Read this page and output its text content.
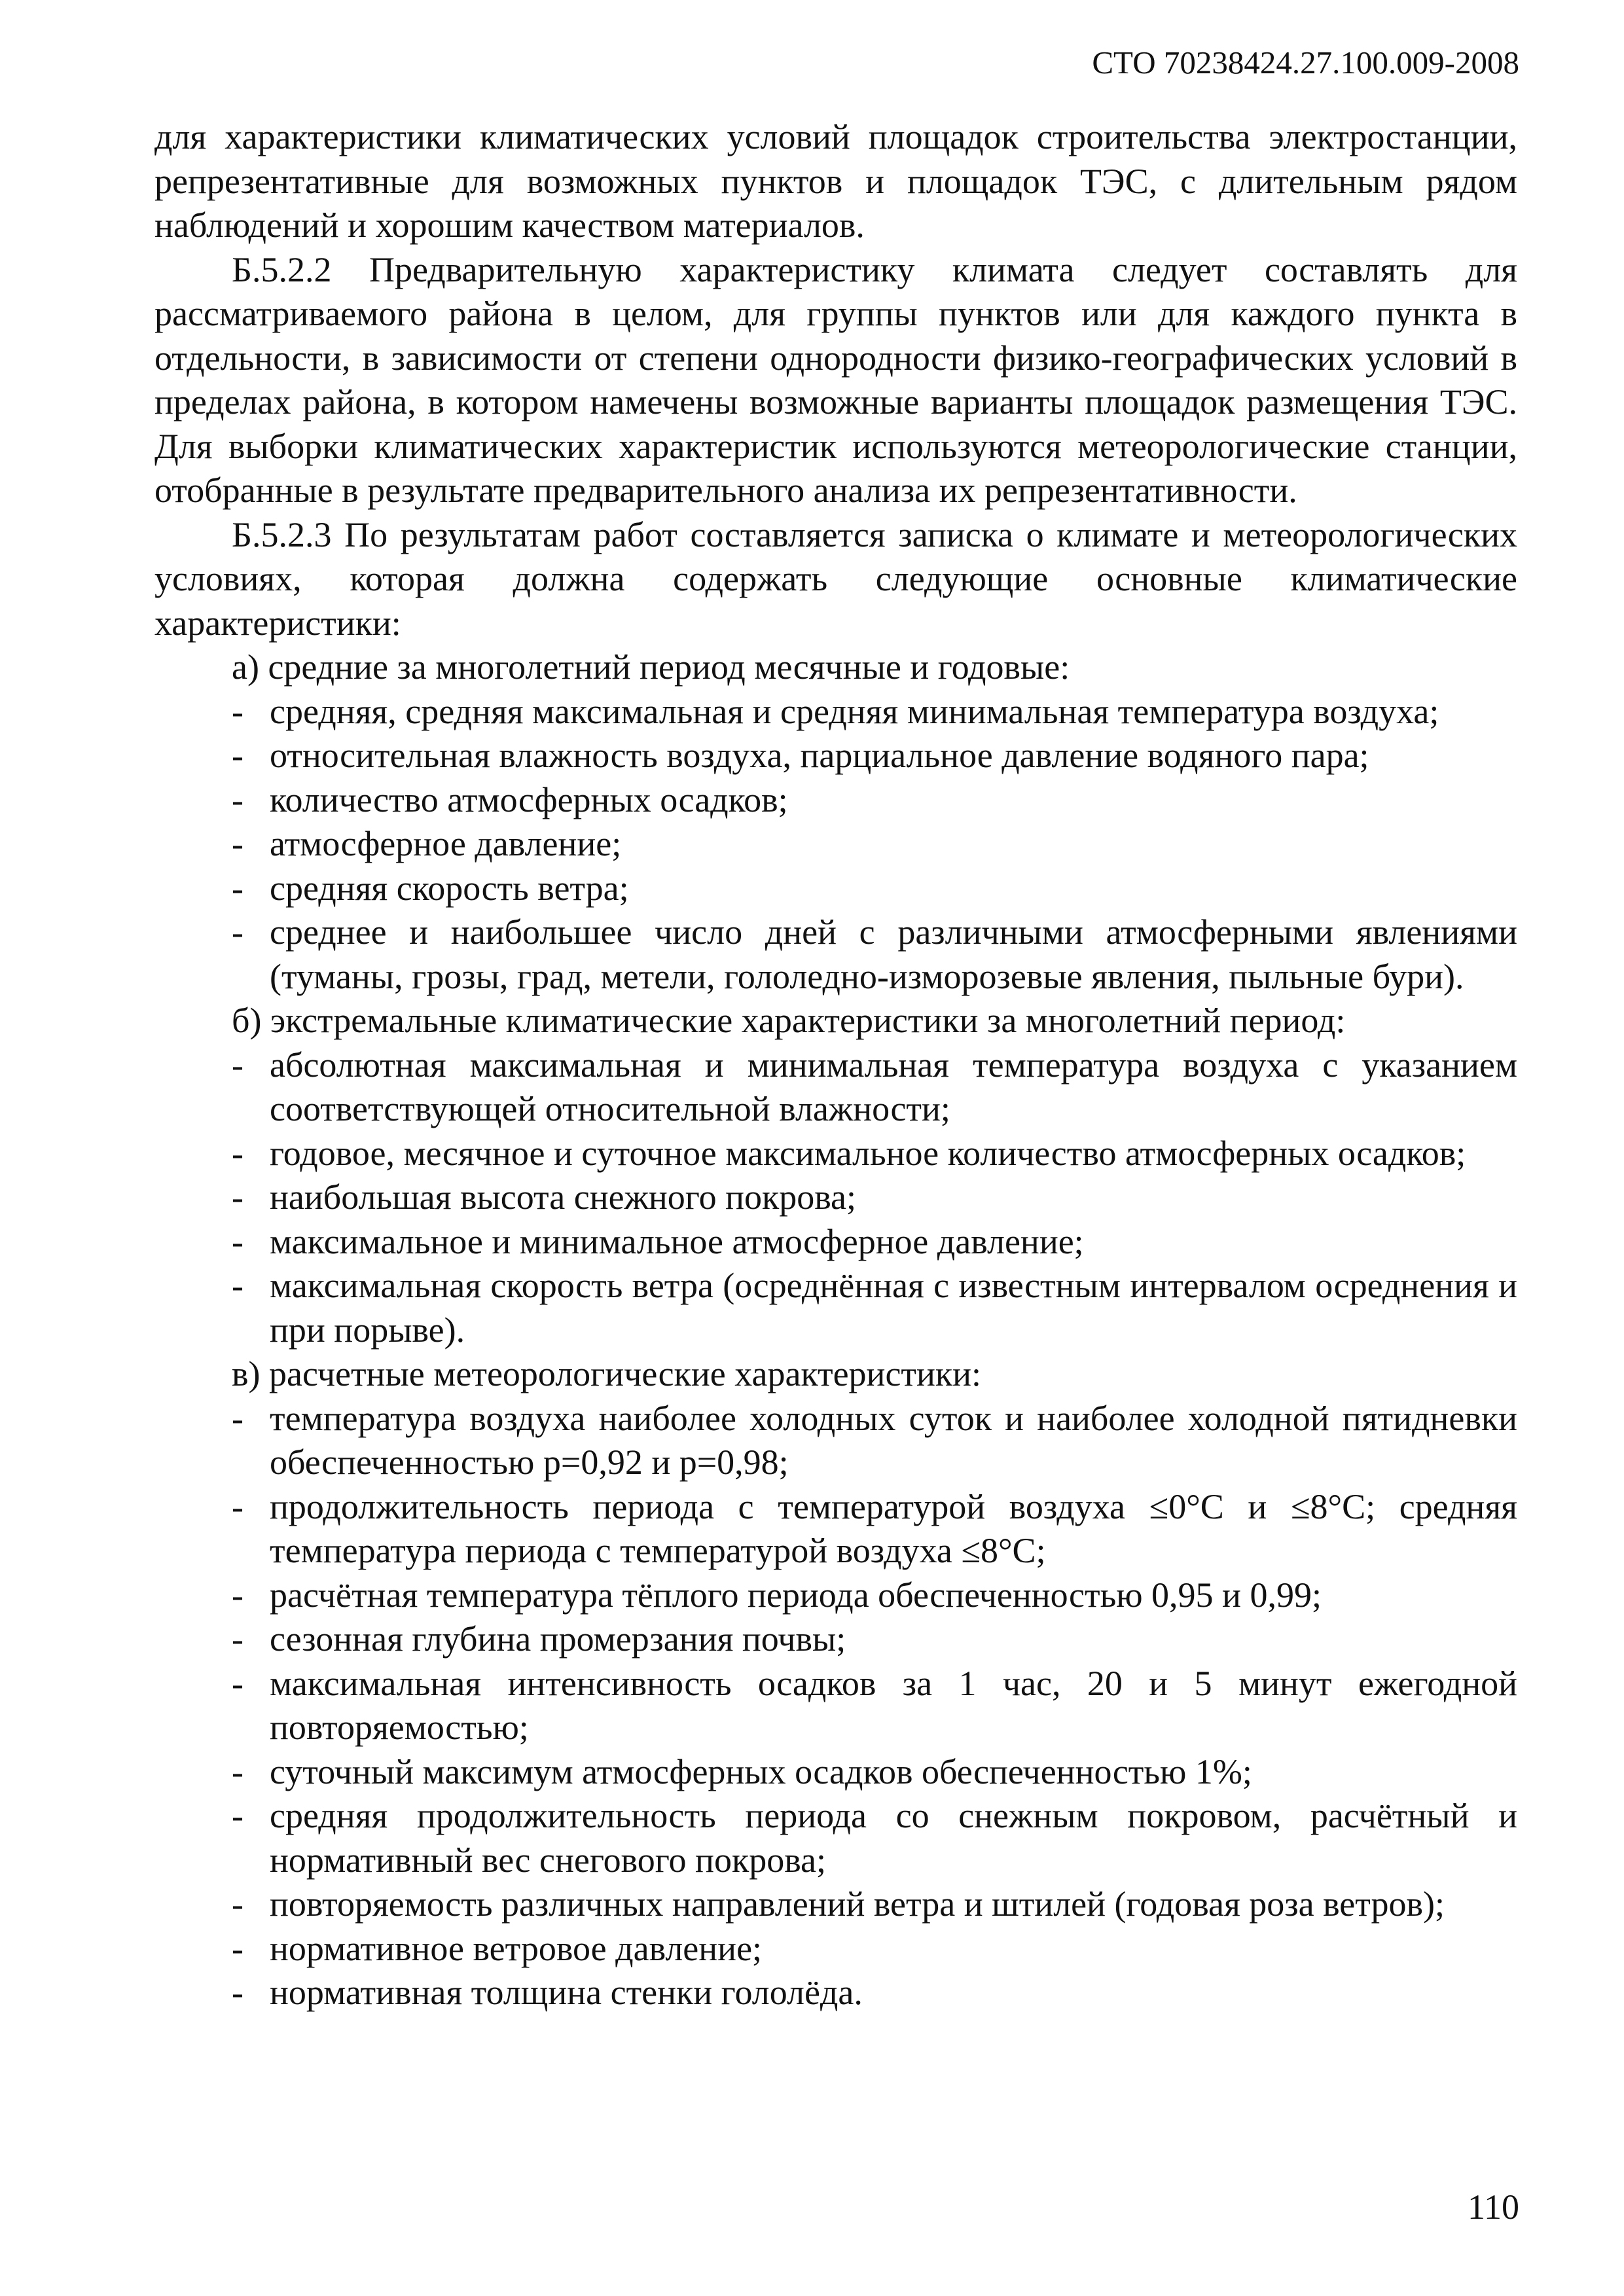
СТО 70238424.27.100.009-2008

для характеристики климатических условий площадок строительства электростанции, репрезентативные для возможных пунктов и площадок ТЭС, с длительным рядом наблюдений и хорошим качеством материалов.

Б.5.2.2 Предварительную характеристику климата следует составлять для рассматриваемого района в целом, для группы пунктов или для каждого пункта в отдельности, в зависимости от степени однородности физико-географических условий в пределах района, в котором намечены возможные варианты площадок размещения ТЭС. Для выборки климатических характеристик используются метеорологические станции, отобранные в результате предварительного анализа их репрезентативности.

Б.5.2.3 По результатам работ составляется записка о климате и метеорологических условиях, которая должна содержать следующие основные климатические характеристики:

а) средние за многолетний период месячные и годовые:

- средняя, средняя максимальная и средняя минимальная температура воздуха;

- относительная влажность воздуха, парциальное давление водяного пара;

- количество атмосферных осадков;

- атмосферное давление;

- средняя скорость ветра;

- среднее и наибольшее число дней с различными атмосферными явлениями (туманы, грозы, град, метели, гололедно-изморозевые явления, пыльные бури).

б) экстремальные климатические характеристики за многолетний период:

- абсолютная максимальная и минимальная температура воздуха с указанием соответствующей относительной влажности;

- годовое, месячное и суточное максимальное количество атмосферных осадков;

- наибольшая высота снежного покрова;

- максимальное и минимальное атмосферное давление;

- максимальная скорость ветра (осреднённая с известным интервалом осреднения и при порыве).

в) расчетные метеорологические характеристики:

- температура воздуха наиболее холодных суток и наиболее холодной пятидневки обеспеченностью р=0,92 и р=0,98;

- продолжительность периода с температурой воздуха ≤0°С и ≤8°С; средняя температура периода с температурой воздуха ≤8°С;

- расчётная температура тёплого периода обеспеченностью 0,95 и 0,99;

- сезонная глубина промерзания почвы;

- максимальная интенсивность осадков за 1 час, 20 и 5 минут ежегодной повторяемостью;

- суточный максимум атмосферных осадков обеспеченностью 1%;

- средняя продолжительность периода со снежным покровом, расчётный и нормативный вес снегового покрова;

- повторяемость различных направлений ветра и штилей (годовая роза ветров);

- нормативное ветровое давление;

- нормативная толщина стенки гололёда.

110
